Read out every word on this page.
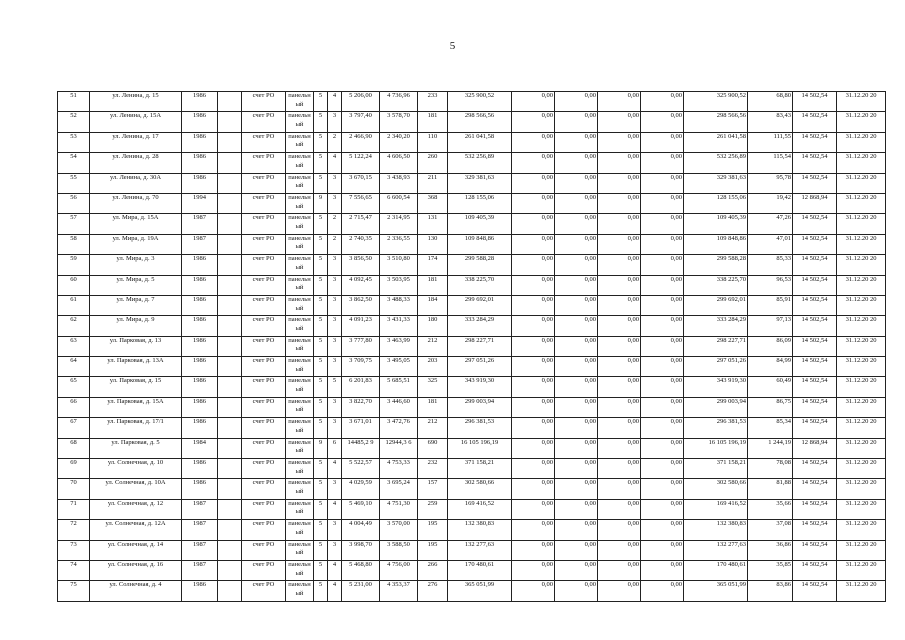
5
51	ул. Ленина, д. 15	1986		счет РО	панельн ый	5	4	5 206,00	4 736,96	233	325 900,52	0,00	0,00	0,00	0,00	325 900,52	68,80	14 502,54	31.12.20 20
52	ул. Ленина, д. 15А	1986		счет РО	панельн ый	5	3	3 797,40	3 578,70	181	298 566,56	0,00	0,00	0,00	0,00	298 566,56	83,43	14 502,54	31.12.20 20
53	ул. Ленина, д. 17	1986		счет РО	панельн ый	5	2	2 466,90	2 340,20	110	261 041,58	0,00	0,00	0,00	0,00	261 041,58	111,55	14 502,54	31.12.20 20
54	ул. Ленина, д. 28	1986		счет РО	панельн ый	5	4	5 122,24	4 606,50	260	532 256,89	0,00	0,00	0,00	0,00	532 256,89	115,54	14 502,54	31.12.20 20
55	ул. Ленина, д. 30А	1986		счет РО	панельн ый	5	3	3 670,15	3 438,93	211	329 381,63	0,00	0,00	0,00	0,00	329 381,63	95,78	14 502,54	31.12.20 20
56	ул. Ленина, д. 70	1994		счет РО	панельн ый	9	3	7 556,65	6 600,54	368	128 155,06	0,00	0,00	0,00	0,00	128 155,06	19,42	12 868,94	31.12.20 20
57	ул. Мира, д. 15А	1987		счет РО	панельн ый	5	2	2 715,47	2 314,95	131	109 405,39	0,00	0,00	0,00	0,00	109 405,39	47,26	14 502,54	31.12.20 20
58	ул. Мира, д. 19А	1987		счет РО	панельн ый	5	2	2 740,35	2 336,55	130	109 848,86	0,00	0,00	0,00	0,00	109 848,86	47,01	14 502,54	31.12.20 20
59	ул. Мира, д. 3	1986		счет РО	панельн ый	5	3	3 856,50	3 510,80	174	299 588,28	0,00	0,00	0,00	0,00	299 588,28	85,33	14 502,54	31.12.20 20
60	ул. Мира, д. 5	1986		счет РО	панельн ый	5	3	4 092,45	3 503,95	181	338 225,70	0,00	0,00	0,00	0,00	338 225,70	96,53	14 502,54	31.12.20 20
61	ул. Мира, д. 7	1986		счет РО	панельн ый	5	3	3 862,50	3 488,33	184	299 692,01	0,00	0,00	0,00	0,00	299 692,01	85,91	14 502,54	31.12.20 20
62	ул. Мира, д. 9	1986		счет РО	панельн ый	5	3	4 091,23	3 431,33	180	333 284,29	0,00	0,00	0,00	0,00	333 284,29	97,13	14 502,54	31.12.20 20
63	ул. Парковая, д. 13	1986		счет РО	панельн ый	5	3	3 777,80	3 463,99	212	298 227,71	0,00	0,00	0,00	0,00	298 227,71	86,09	14 502,54	31.12.20 20
64	ул. Парковая, д. 13А	1986		счет РО	панельн ый	5	3	3 709,75	3 495,05	203	297 051,26	0,00	0,00	0,00	0,00	297 051,26	84,99	14 502,54	31.12.20 20
65	ул. Парковая, д. 15	1986		счет РО	панельн ый	5	5	6 201,83	5 685,51	325	343 919,30	0,00	0,00	0,00	0,00	343 919,30	60,49	14 502,54	31.12.20 20
66	ул. Парковая, д. 15А	1986		счет РО	панельн ый	5	3	3 822,70	3 446,60	181	299 003,94	0,00	0,00	0,00	0,00	299 003,94	86,75	14 502,54	31.12.20 20
67	ул. Парковая, д. 17/1	1986		счет РО	панельн ый	5	3	3 671,01	3 472,76	212	296 381,53	0,00	0,00	0,00	0,00	296 381,53	85,34	14 502,54	31.12.20 20
68	ул. Парковая, д. 5	1984		счет РО	панельн ый	9	6	14485,2 9	12944,3 6	690	16 105 196,19	0,00	0,00	0,00	0,00	16 105 196,19	1 244,19	12 868,94	31.12.20 20
69	ул. Солнечная, д. 10	1986		счет РО	панельн ый	5	4	5 522,57	4 753,33	232	371 158,21	0,00	0,00	0,00	0,00	371 158,21	78,08	14 502,54	31.12.20 20
70	ул. Солнечная, д. 10А	1986		счет РО	панельн ый	5	3	4 029,59	3 695,24	157	302 580,66	0,00	0,00	0,00	0,00	302 580,66	81,88	14 502,54	31.12.20 20
71	ул. Солнечная, д. 12	1987		счет РО	панельн ый	5	4	5 469,10	4 751,30	259	169 416,52	0,00	0,00	0,00	0,00	169 416,52	35,66	14 502,54	31.12.20 20
72	ул. Солнечная, д. 12А	1987		счет РО	панельн ый	5	3	4 004,49	3 570,00	195	132 380,83	0,00	0,00	0,00	0,00	132 380,83	37,08	14 502,54	31.12.20 20
73	ул. Солнечная, д. 14	1987		счет РО	панельн ый	5	3	3 998,70	3 588,50	195	132 277,63	0,00	0,00	0,00	0,00	132 277,63	36,86	14 502,54	31.12.20 20
74	ул. Солнечная, д. 16	1987		счет РО	панельн ый	5	4	5 468,80	4 756,00	266	170 480,61	0,00	0,00	0,00	0,00	170 480,61	35,85	14 502,54	31.12.20 20
75	ул. Солнечная, д. 4	1986		счет РО	панельн ый	5	4	5 231,00	4 353,37	276	365 051,99	0,00	0,00	0,00	0,00	365 051,99	83,86	14 502,54	31.12.20 20
